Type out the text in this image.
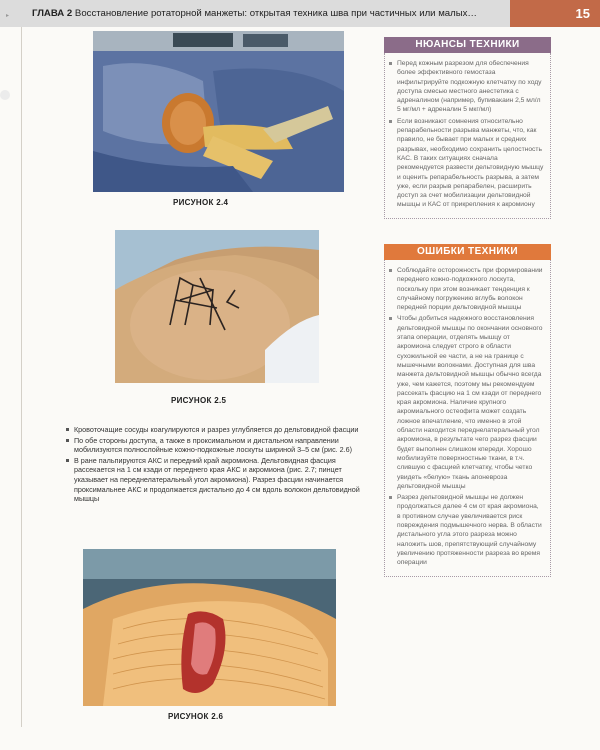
ГЛАВА 2 Восстановление ротаторной манжеты: открытая техника шва при частичных или малых…	15
▸
РИСУНОК 2.4
РИСУНОК 2.5

Кровоточащие сосуды коагулируются и разрез углубляется до дельтовидной фасции

По обе стороны доступа, а также в проксимальном и дистальном направлении мобилизуются полнослойные кожно-подкожные лоскуты шириной 3–5 см (рис. 2.6)

В ране пальпируются АКС и передний край акромиона. Дельтовидная фасция рассекается на 1 см кзади от переднего края АКС и акромиона (рис. 2.7; пинцет указывает на переднелатеральный угол акромиона). Разрез фасции начинается проксимальнее АКС и продолжается дистально до 4 см вдоль волокон дельтовидной мышцы

РИСУНОК 2.6
НЮАНСЫ ТЕХНИКИ

Перед кожным разрезом для обеспечения более эффективного гемостаза инфильтрируйте подкожную клетчатку по ходу доступа смесью местного анестетика с адреналином (например, бупивакаин 2,5 мл/л 5 мг/мл + адреналин 5 мкг/мл)

Если возникают сомнения относительно репарабельности разрыва манжеты, что, как правило, не бывает при малых и средних разрывах, необходимо сохранить целостность КАС. В таких ситуациях сначала рекомендуется развести дельтовидную мышцу и оценить репарабельность разрыва, а затем уже, если разрыв репарабелен, расширить доступ за счет мобилизации дельтовидной мышцы и КАС от прикрепления к акромиону

ОШИБКИ ТЕХНИКИ

Соблюдайте осторожность при формировании переднего кожно-подкожного лоскута, поскольку при этом возникает тенденция к случайному погружению вглубь волокон передней порции дельтовидной мышцы

Чтобы добиться надежного восстановления дельтовидной мышцы по окончании основного этапа операции, отделять мышцу от акромиона следует строго в области сухожильной ее части, а не на границе с мышечными волокнами. Доступная для шва манжета дельтовидной мышцы обычно всегда уже, чем кажется, поэтому мы рекомендуем рассекать фасцию на 1 см кзади от переднего края акромиона. Наличие крупного акромиального остеофита может создать ложное впечатление, что именно в этой области находится переднелатеральный угол акромиона, в результате чего разрез фасции будет выполнен слишком кпереди. Хорошо мобилизуйте поверхностные ткани, в т.ч. слившую с фасцией клетчатку, чтобы четко увидеть «белую» ткань апоневроза дельтовидной мышцы

Разрез дельтовидной мышцы не должен продолжаться далее 4 см от края акромиона, в противном случае увеличивается риск повреждения подмышечного нерва. В области дистального угла этого разреза можно наложить шов, препятствующий случайному увеличению протяженности разреза во время операции
